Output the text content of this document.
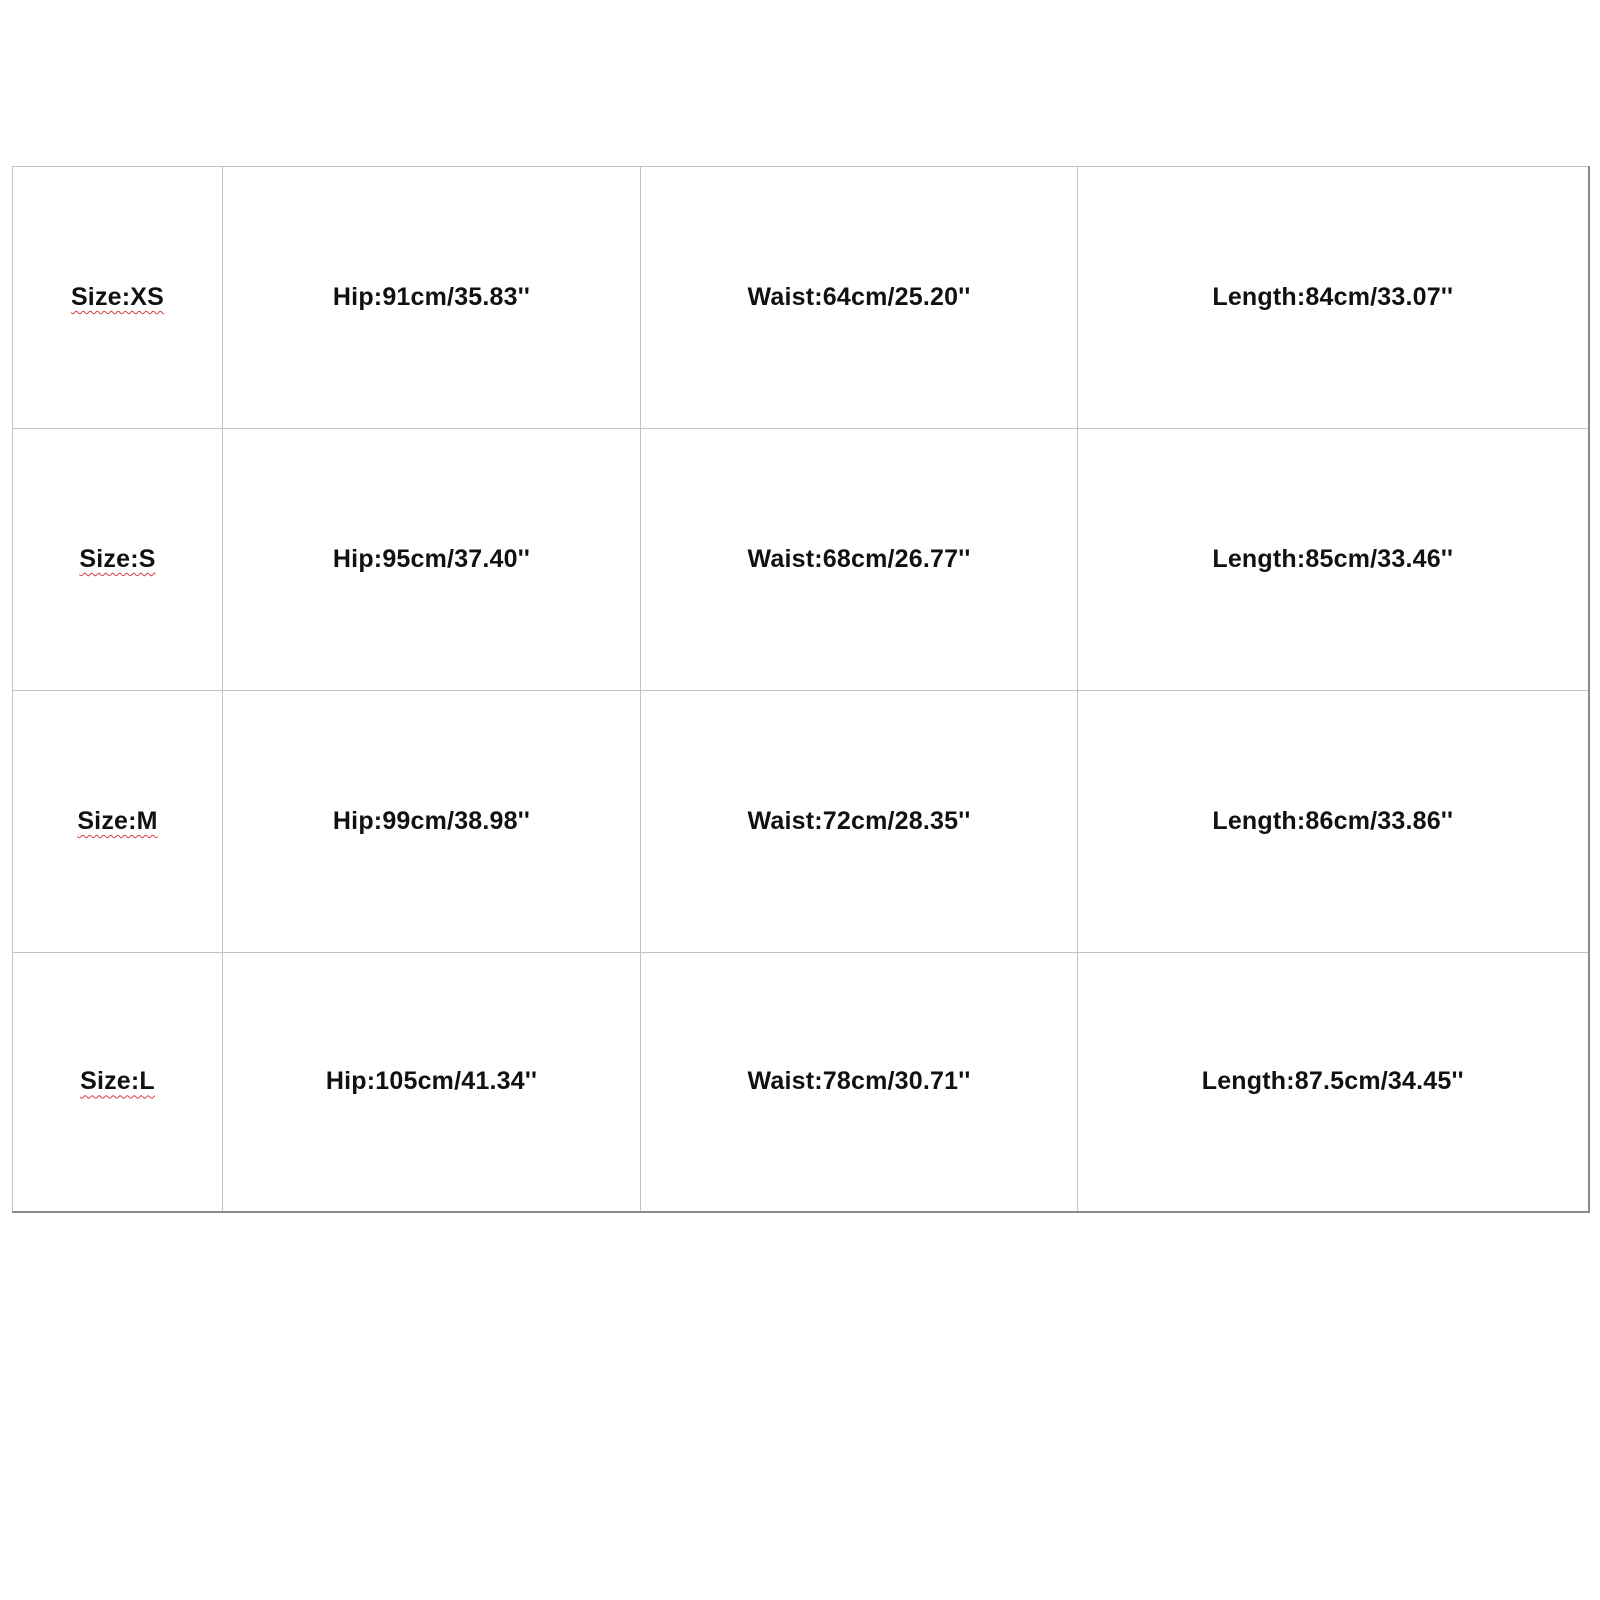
Size:XS	Hip:91cm/35.83''	Waist:64cm/25.20''	Length:84cm/33.07''
Size:S	Hip:95cm/37.40''	Waist:68cm/26.77''	Length:85cm/33.46''
Size:M	Hip:99cm/38.98''	Waist:72cm/28.35''	Length:86cm/33.86''
Size:L	Hip:105cm/41.34''	Waist:78cm/30.71''	Length:87.5cm/34.45''
